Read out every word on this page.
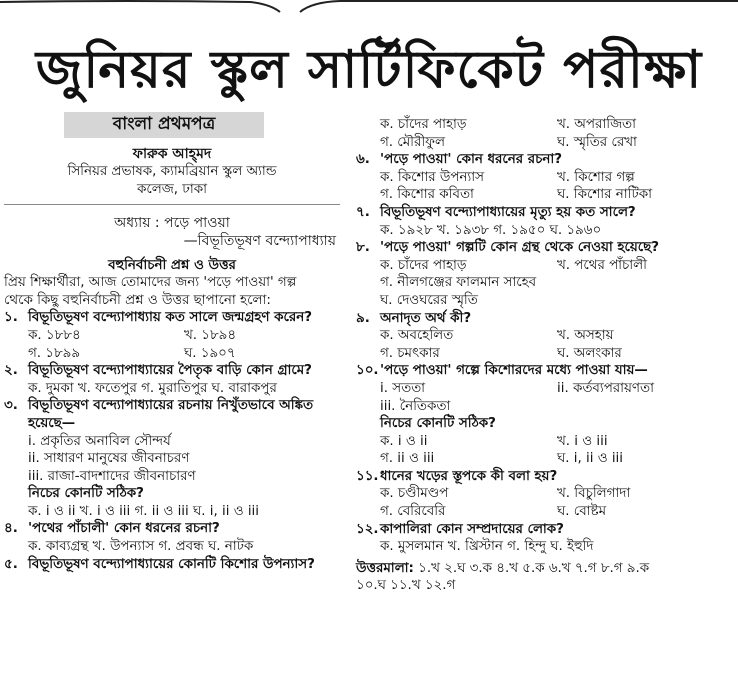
জুনিয়র স্কুল সার্টিফিকেট পরীক্ষা
বাংলা প্রথমপত্র
ফারুক আহ্‌মদ
সিনিয়র প্রভাষক, ক্যামব্রিয়ান স্কুল অ্যান্ড
কলেজ, ঢাকা
অধ্যায় : পড়ে পাওয়া
—বিভূতিভূষণ বন্দ্যোপাধ্যায়
বহুনির্বাচনী প্রশ্ন ও উত্তর
প্রিয় শিক্ষার্থীরা, আজ তোমাদের জন্য 'পড়ে পাওয়া' গল্প
থেকে কিছু বহুনির্বাচনী প্রশ্ন ও উত্তর ছাপানো হলো:
১. বিভূতিভূষণ বন্দ্যোপাধ্যায় কত সালে জন্মগ্রহণ করেন?
ক. ১৮৮৪	খ. ১৮৯৪
গ. ১৮৯৯	ঘ. ১৯০৭
২. বিভূতিভূষণ বন্দ্যোপাধ্যায়ের পৈতৃক বাড়ি কোন গ্রামে?
ক. দুমকা খ. ফতেপুর গ. মুরাতিপুর ঘ. বারাকপুর
৩. বিভূতিভূষণ বন্দ্যোপাধ্যায়ের রচনায় নিখুঁতভাবে অঙ্কিত হয়েছে—
i. প্রকৃতির অনাবিল সৌন্দর্য
ii. সাধারণ মানুষের জীবনাচরণ
iii. রাজা-বাদশাদের জীবনাচারণ
নিচের কোনটি সঠিক?
ক. i ও ii খ. i ও iii গ. ii ও iii ঘ. i, ii ও iii
৪. 'পথের পাঁচালী' কোন ধরনের রচনা?
ক. কাব্যগ্রন্থ খ. উপন্যাস গ. প্রবন্ধ ঘ. নাটক
৫. বিভূতিভূষণ বন্দ্যোপাধ্যায়ের কোনটি কিশোর উপন্যাস?
ক. চাঁদের পাহাড়	খ. অপরাজিতা
গ. মৌরীফুল	ঘ. স্মৃতির রেখা
৬. 'পড়ে পাওয়া' কোন ধরনের রচনা?
ক. কিশোর উপন্যাস	খ. কিশোর গল্প
গ. কিশোর কবিতা	ঘ. কিশোর নাটিকা
৭. বিভূতিভূষণ বন্দ্যোপাধ্যায়ের মৃত্যু হয় কত সালে?
ক. ১৯২৮ খ. ১৯৩৮ গ. ১৯৫০ ঘ. ১৯৬০
৮. 'পড়ে পাওয়া' গল্পটি কোন গ্রন্থ থেকে নেওয়া হয়েছে?
ক. চাঁদের পাহাড়	খ. পথের পাঁচালী
গ. নীলগঞ্জের ফালমান সাহেব
ঘ. দেওঘরের স্মৃতি
৯. অনাদৃত অর্থ কী?
ক. অবহেলিত	খ. অসহায়
গ. চমৎকার	ঘ. অলংকার
১০. 'পড়ে পাওয়া' গল্পে কিশোরদের মধ্যে পাওয়া যায়—
i. সততা	ii. কর্তব্যপরায়ণতা
iii. নৈতিকতা
নিচের কোনটি সঠিক?
ক. i ও ii	খ. i ও iii
গ. ii ও iii	ঘ. i, ii ও iii
১১. ধানের খড়ের স্তূপকে কী বলা হয়?
ক. চণ্ডীমণ্ডপ	খ. বিচুলিগাদা
গ. বেরিবেরি	ঘ. বোষ্টম
১২. কাপালিরা কোন সম্প্রদায়ের লোক?
ক. মুসলমান খ. খ্রিস্টান গ. হিন্দু ঘ. ইহুদি
উত্তরমালা: ১.খ ২.ঘ ৩.ক ৪.খ ৫.ক ৬.খ ৭.গ ৮.গ ৯.ক
১০.ঘ ১১.খ ১২.গ
